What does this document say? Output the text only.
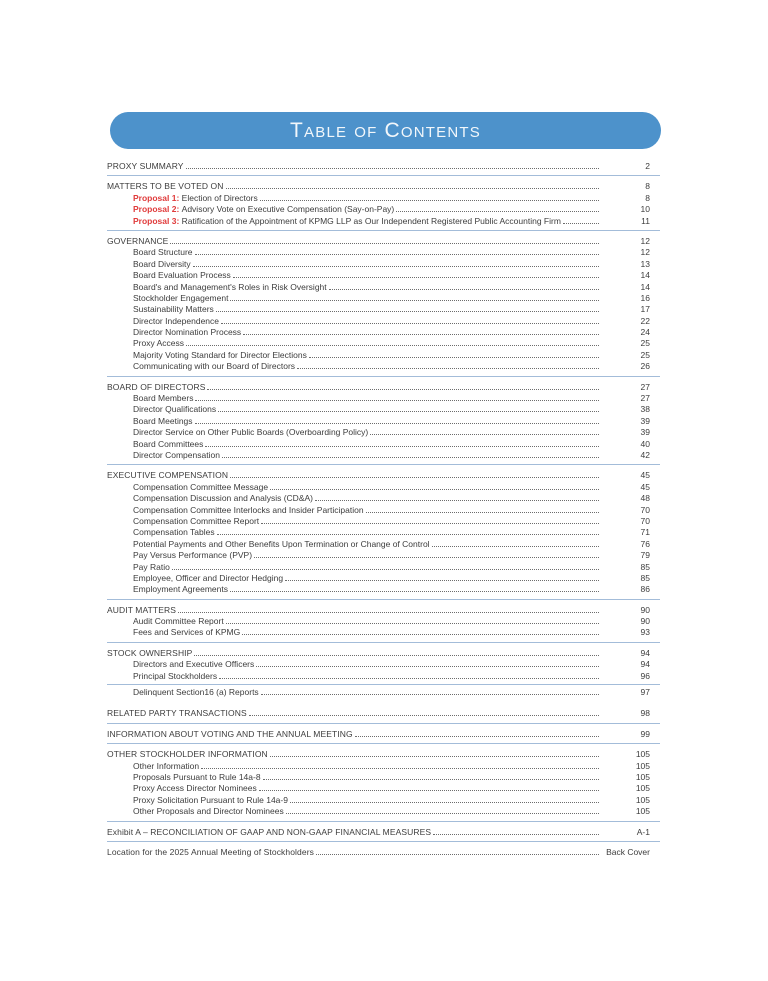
Table of Contents
PROXY SUMMARY	2
MATTERS TO BE VOTED ON	8
Proposal 1: Election of Directors	8
Proposal 2: Advisory Vote on Executive Compensation (Say-on-Pay)	10
Proposal 3: Ratification of the Appointment of KPMG LLP as Our Independent Registered Public Accounting Firm	11
GOVERNANCE	12
Board Structure	12
Board Diversity	13
Board Evaluation Process	14
Board's and Management's Roles in Risk Oversight	14
Stockholder Engagement	16
Sustainability Matters	17
Director Independence	22
Director Nomination Process	24
Proxy Access	25
Majority Voting Standard for Director Elections	25
Communicating with our Board of Directors	26
BOARD OF DIRECTORS	27
Board Members	27
Director Qualifications	38
Board Meetings	39
Director Service on Other Public Boards (Overboarding Policy)	39
Board Committees	40
Director Compensation	42
EXECUTIVE COMPENSATION	45
Compensation Committee Message	45
Compensation Discussion and Analysis (CD&A)	48
Compensation Committee Interlocks and Insider Participation	70
Compensation Committee Report	70
Compensation Tables	71
Potential Payments and Other Benefits Upon Termination or Change of Control	76
Pay Versus Performance (PVP)	79
Pay Ratio	85
Employee, Officer and Director Hedging	85
Employment Agreements	86
AUDIT MATTERS	90
Audit Committee Report	90
Fees and Services of KPMG	93
STOCK OWNERSHIP	94
Directors and Executive Officers	94
Principal Stockholders	96
Delinquent Section16 (a) Reports	97
RELATED PARTY TRANSACTIONS	98
INFORMATION ABOUT VOTING AND THE ANNUAL MEETING	99
OTHER STOCKHOLDER INFORMATION	105
Other Information	105
Proposals Pursuant to Rule 14a-8	105
Proxy Access Director Nominees	105
Proxy Solicitation Pursuant to Rule 14a-9	105
Other Proposals and Director Nominees	105
Exhibit A – RECONCILIATION OF GAAP AND NON-GAAP FINANCIAL MEASURES	A-1
Location for the 2025 Annual Meeting of Stockholders	Back Cover
